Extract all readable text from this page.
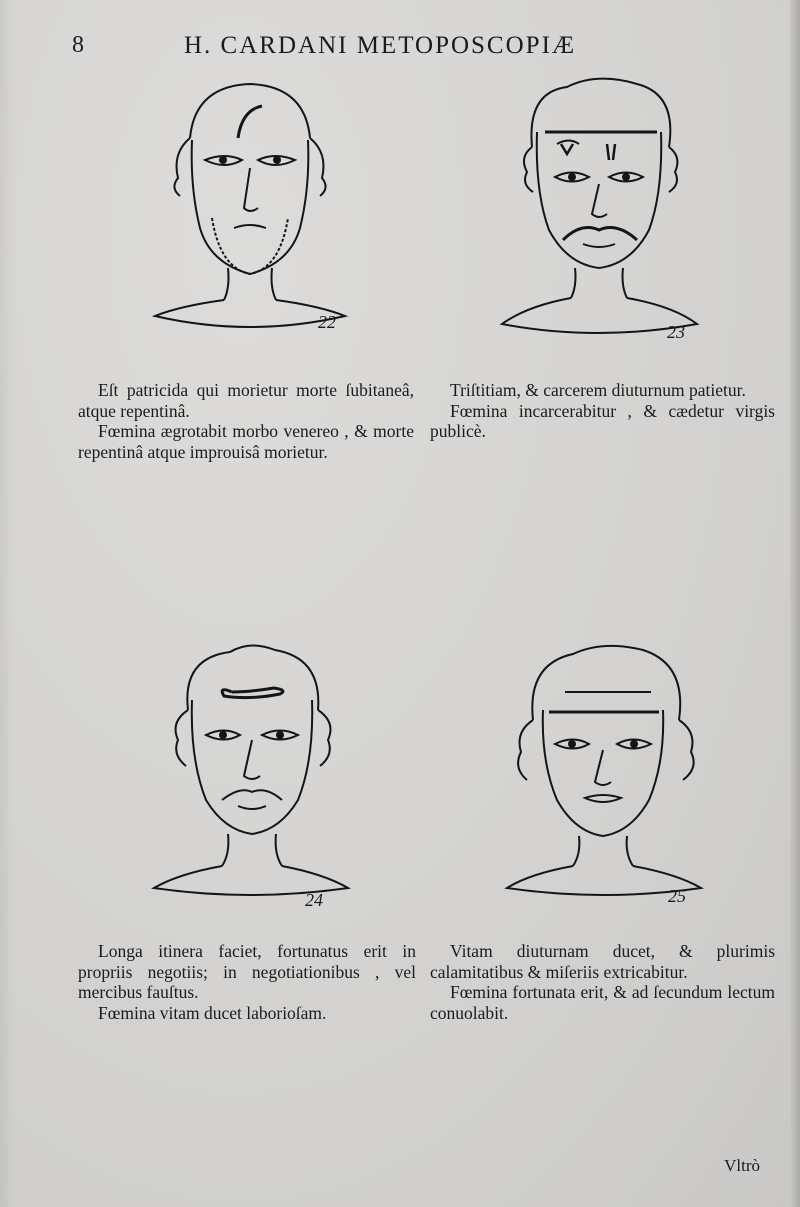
8	H. CARDANI METOPOSCOPIÆ
22	23
24	25

Eſt patricida qui morietur morte ſubitaneâ, atque repentinâ.

Fœmina ægrotabit morbo venereo , & morte repentinâ atque improuisâ morietur.

Triſtitiam, & carcerem diuturnum patietur.

Fœmina incarcerabitur , & cædetur virgis publicè.

Longa itinera faciet, fortunatus erit in propriis negotiis; in negotiationibus , vel mercibus fauſtus.

Fœmina vitam ducet laborioſam.

Vitam diuturnam ducet, & plurimis calamitatibus & miſeriis extricabitur.

Fœmina fortunata erit, & ad ſecundum lectum conuolabit.

Vltrò
